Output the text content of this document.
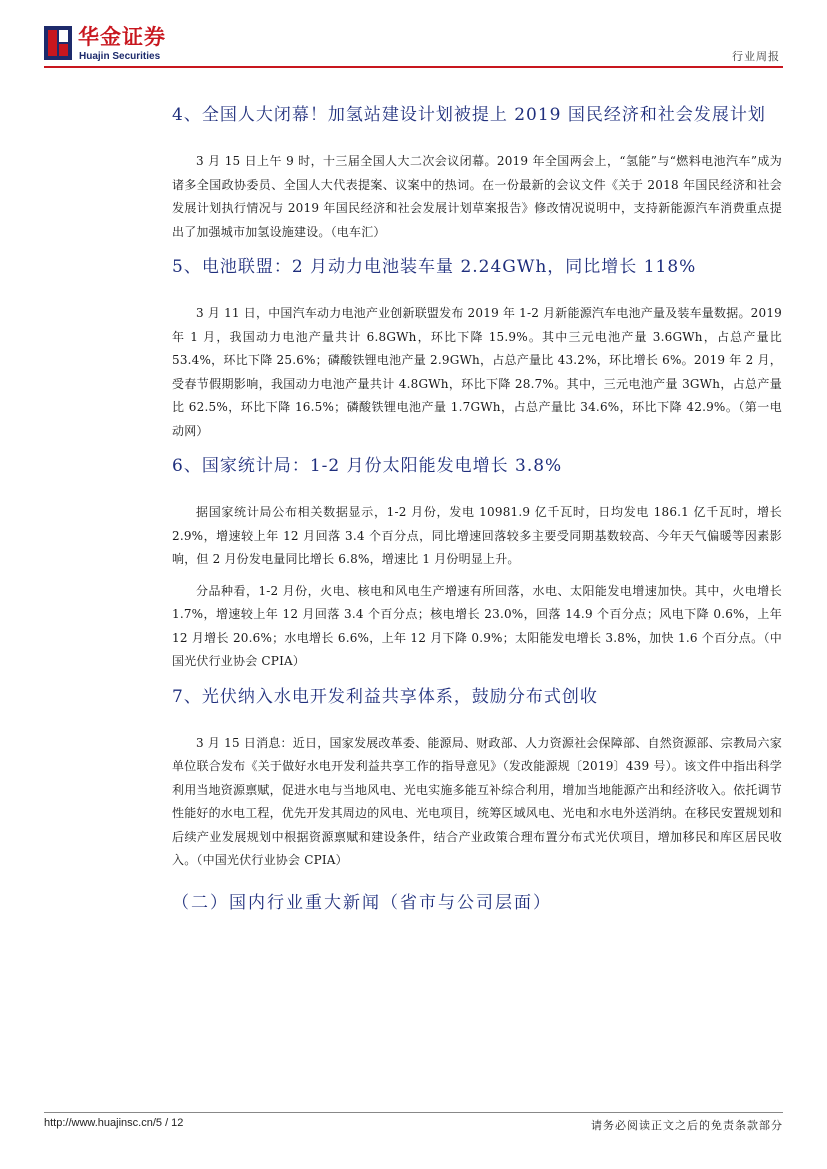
华金证券
Huajin Securities	行业周报
4、全国人大闭幕！加氢站建设计划被提上 2019 国民经济和社会发展计划

3 月 15 日上午 9 时，十三届全国人大二次会议闭幕。2019 年全国两会上，“氢能”与“燃料电池汽车”成为诸多全国政协委员、全国人大代表提案、议案中的热词。在一份最新的会议文件《关于 2018 年国民经济和社会发展计划执行情况与 2019 年国民经济和社会发展计划草案报告》修改情况说明中，支持新能源汽车消费重点提出了加强城市加氢设施建设。（电车汇）

5、电池联盟：2 月动力电池装车量 2.24GWh，同比增长 118%

3 月 11 日，中国汽车动力电池产业创新联盟发布 2019 年 1-2 月新能源汽车电池产量及装车量数据。2019 年 1 月，我国动力电池产量共计 6.8GWh，环比下降 15.9%。其中三元电池产量 3.6GWh，占总产量比 53.4%，环比下降 25.6%；磷酸铁锂电池产量 2.9GWh，占总产量比 43.2%，环比增长 6%。2019 年 2 月，受春节假期影响，我国动力电池产量共计 4.8GWh，环比下降 28.7%。其中，三元电池产量 3GWh，占总产量比 62.5%，环比下降 16.5%；磷酸铁锂电池产量 1.7GWh，占总产量比 34.6%，环比下降 42.9%。（第一电动网）

6、国家统计局：1-2 月份太阳能发电增长 3.8%

据国家统计局公布相关数据显示，1-2 月份，发电 10981.9 亿千瓦时，日均发电 186.1 亿千瓦时，增长 2.9%，增速较上年 12 月回落 3.4 个百分点，同比增速回落较多主要受同期基数较高、今年天气偏暖等因素影响，但 2 月份发电量同比增长 6.8%，增速比 1 月份明显上升。

分品种看，1-2 月份，火电、核电和风电生产增速有所回落，水电、太阳能发电增速加快。其中，火电增长 1.7%，增速较上年 12 月回落 3.4 个百分点；核电增长 23.0%，回落 14.9 个百分点；风电下降 0.6%，上年 12 月增长 20.6%；水电增长 6.6%，上年 12 月下降 0.9%；太阳能发电增长 3.8%，加快 1.6 个百分点。（中国光伏行业协会 CPIA）

7、光伏纳入水电开发利益共享体系，鼓励分布式创收

3 月 15 日消息：近日，国家发展改革委、能源局、财政部、人力资源社会保障部、自然资源部、宗教局六家单位联合发布《关于做好水电开发利益共享工作的指导意见》（发改能源规〔2019〕439 号）。该文件中指出科学利用当地资源禀赋，促进水电与当地风电、光电实施多能互补综合利用，增加当地能源产出和经济收入。依托调节性能好的水电工程，优先开发其周边的风电、光电项目，统筹区域风电、光电和水电外送消纳。在移民安置规划和后续产业发展规划中根据资源禀赋和建设条件，结合产业政策合理布置分布式光伏项目，增加移民和库区居民收入。（中国光伏行业协会 CPIA）

（二）国内行业重大新闻（省市与公司层面）
http://www.huajinsc.cn/5 / 12	请务必阅读正文之后的免责条款部分
